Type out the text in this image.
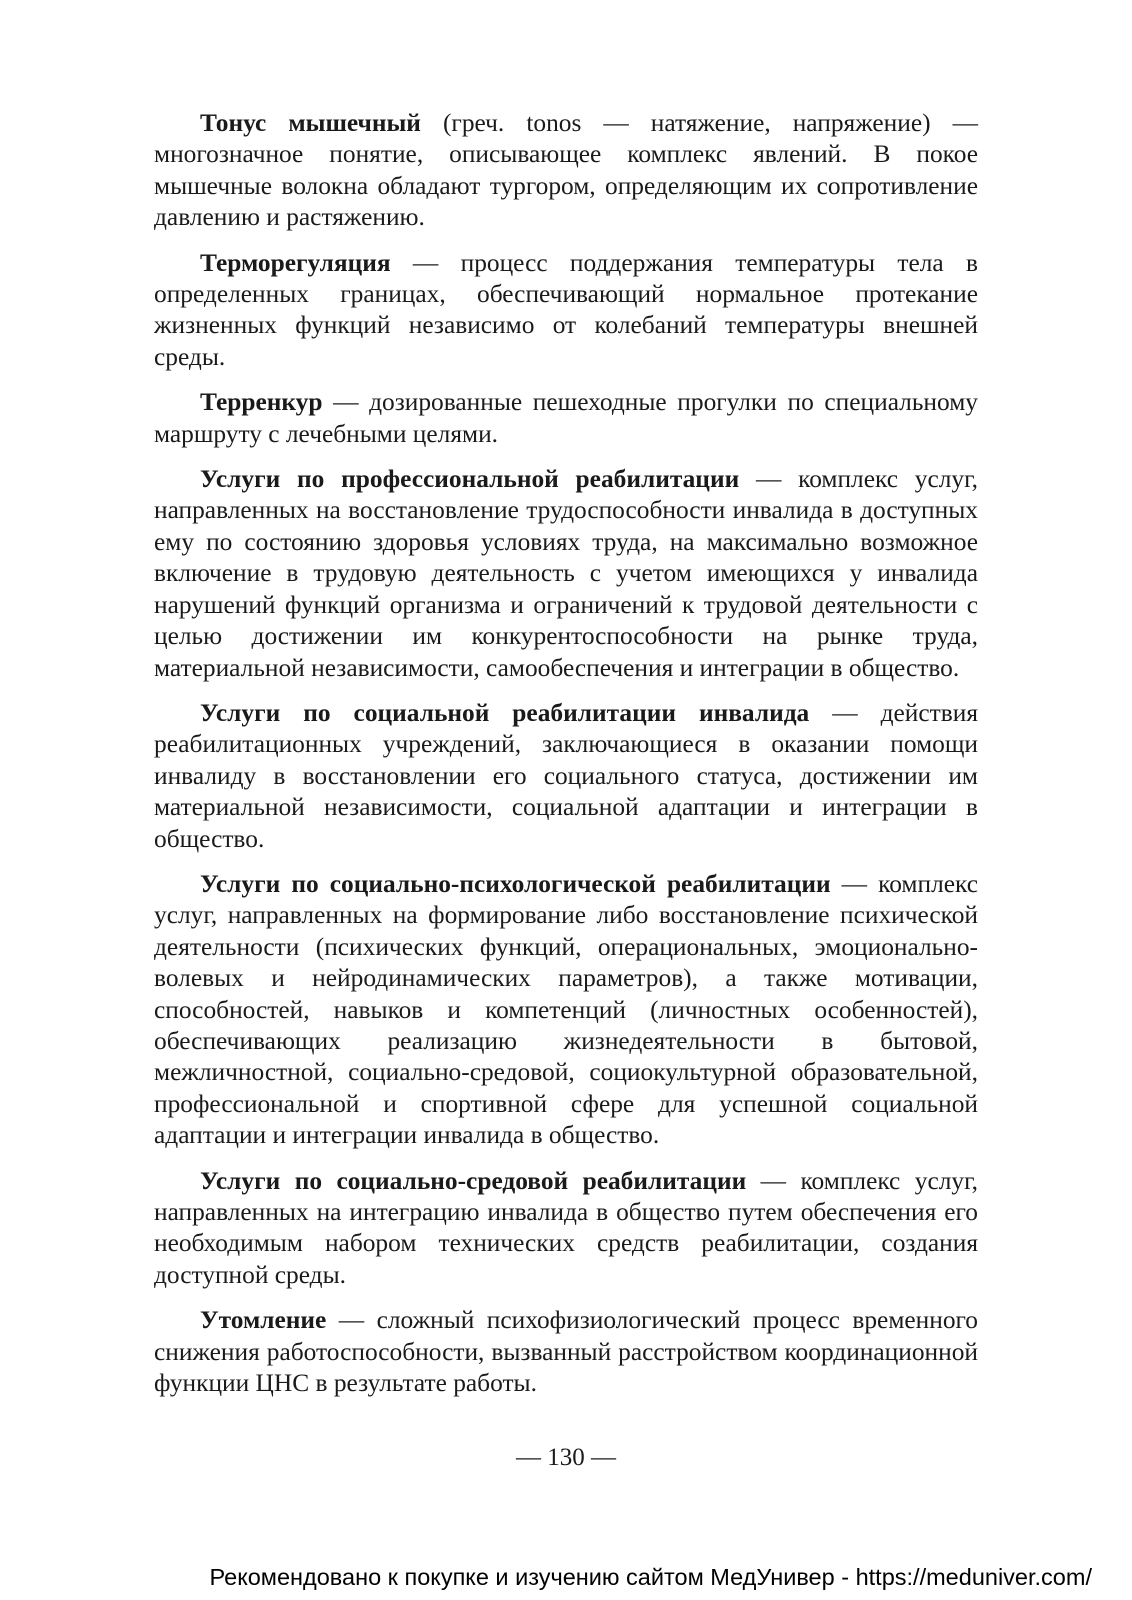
Тонус мышечный (греч. tonos — натяжение, напряжение) — многозначное понятие, описывающее комплекс явлений. В покое мышечные волокна обладают тургором, определяющим их сопротивление давлению и растяжению.

Терморегуляция — процесс поддержания температуры тела в определенных границах, обеспечивающий нормальное протекание жизненных функций независимо от колебаний температуры внешней среды.

Терренкур — дозированные пешеходные прогулки по специальному маршруту с лечебными целями.

Услуги по профессиональной реабилитации — комплекс услуг, направленных на восстановление трудоспособности инвалида в доступных ему по состоянию здоровья условиях труда, на максимально возможное включение в трудовую деятельность с учетом имеющихся у инвалида нарушений функций организма и ограничений к трудовой деятельности с целью достижении им конкурентоспособности на рынке труда, материальной независимости, самообеспечения и интеграции в общество.

Услуги по социальной реабилитации инвалида — действия реабилитационных учреждений, заключающиеся в оказании помощи инвалиду в восстановлении его социального статуса, достижении им материальной независимости, социальной адаптации и интеграции в общество.

Услуги по социально-психологической реабилитации — комплекс услуг, направленных на формирование либо восстановление психической деятельности (психических функций, операциональных, эмоционально-волевых и нейродинамических параметров), а также мотивации, способностей, навыков и компетенций (личностных особенностей), обеспечивающих реализацию жизнедеятельности в бытовой, межличностной, социально-средовой, социокультурной образовательной, профессиональной и спортивной сфере для успешной социальной адаптации и интеграции инвалида в общество.

Услуги по социально-средовой реабилитации — комплекс услуг, направленных на интеграцию инвалида в общество путем обеспечения его необходимым набором технических средств реабилитации, создания доступной среды.

Утомление — сложный психофизиологический процесс временного снижения работоспособности, вызванный расстройством координационной функции ЦНС в результате работы.

— 130 —
Рекомендовано к покупке и изучению сайтом МедУнивер - https://meduniver.com/
